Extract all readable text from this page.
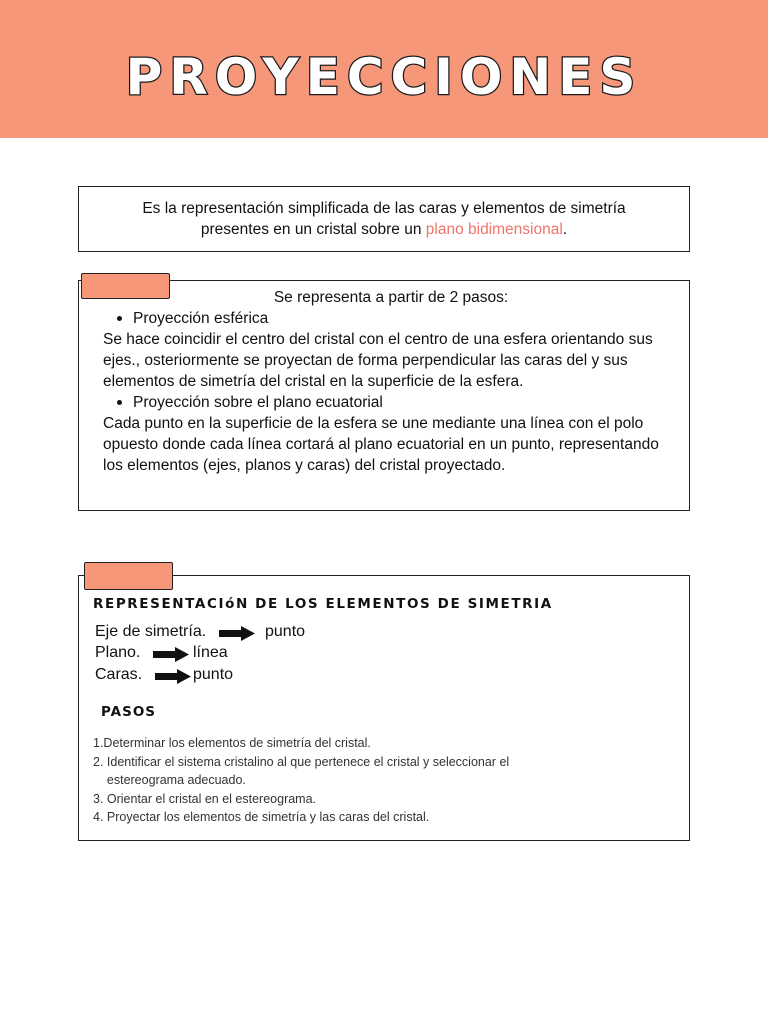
PROYECCIONES
Es la representación simplificada de las caras y elementos de simetría
presentes en un cristal sobre un plano bidimensional.
Se representa a partir de 2 pasos:
Proyección esférica
Se hace coincidir el centro del cristal con el centro de una esfera orientando sus ejes., osteriormente se proyectan de forma perpendicular las caras del y sus elementos de simetría del cristal en la superficie de la esfera.
Proyección sobre el plano ecuatorial
Cada punto en la superficie de la esfera se une mediante una línea con el polo opuesto donde cada línea cortará al plano ecuatorial en un punto, representando los elementos (ejes, planos y caras) del cristal proyectado.
REPRESENTACIóN DE LOS ELEMENTOS DE SIMETRIA
Eje de simetría.	punto
Plano.	línea
Caras.	punto
PASOS
1.Determinar los elementos de simetría del cristal.
2. Identificar el sistema cristalino al que pertenece el cristal y seleccionar el
estereograma adecuado.
3. Orientar el cristal en el estereograma.
4. Proyectar los elementos de simetría y las caras del cristal.
